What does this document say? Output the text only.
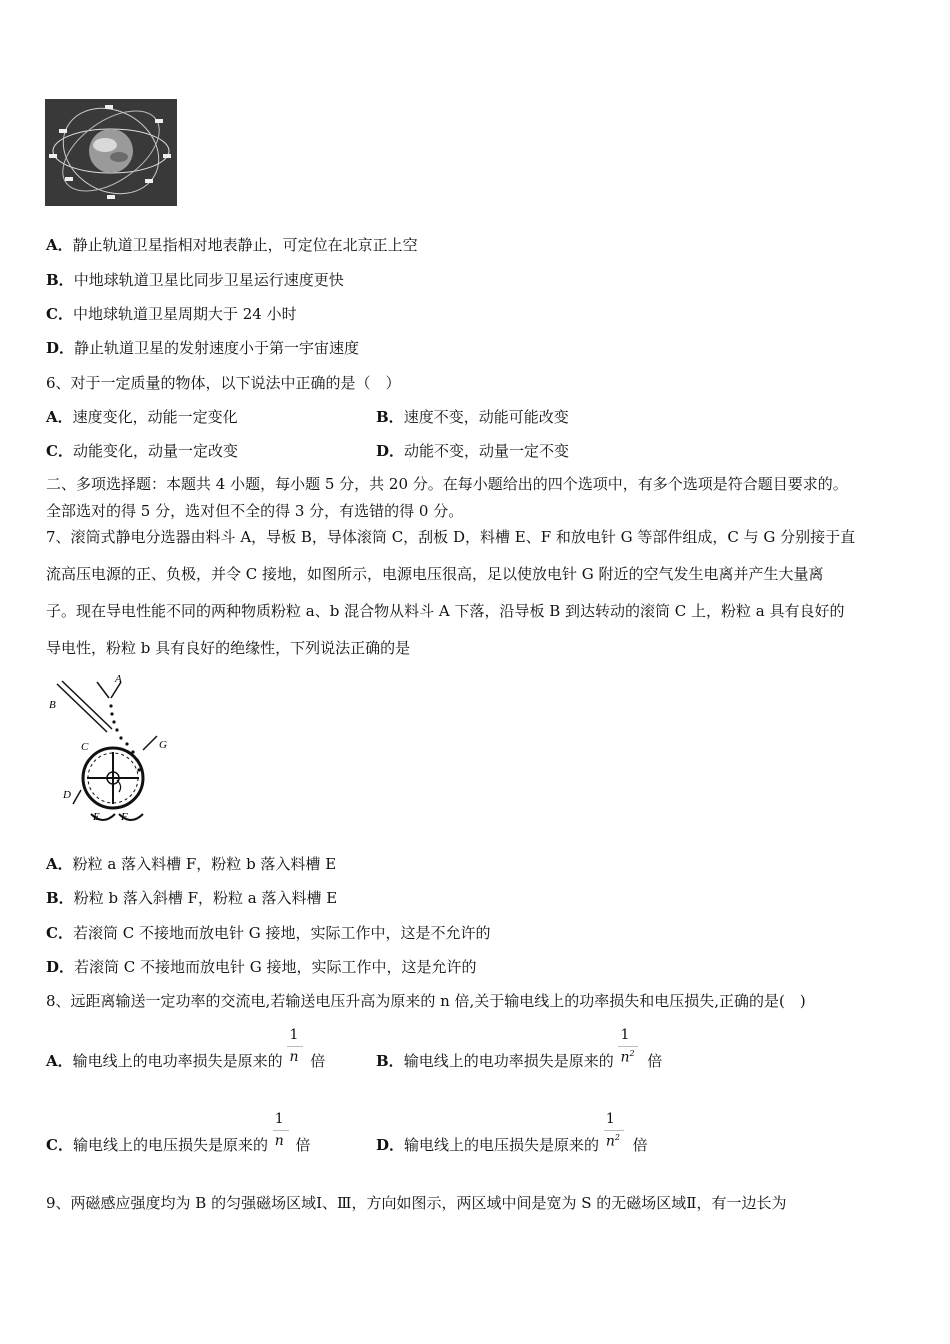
A．静止轨道卫星指相对地表静止，可定位在北京正上空
B．中地球轨道卫星比同步卫星运行速度更快
C．中地球轨道卫星周期大于 24 小时
D．静止轨道卫星的发射速度小于第一宇宙速度
6、对于一定质量的物体，以下说法中正确的是（　）
A．速度变化，动能一定变化	B．速度不变，动能可能改变
C．动能变化，动量一定改变	D．动能不变，动量一定不变
二、多项选择题：本题共 4 小题，每小题 5 分，共 20 分。在每小题给出的四个选项中，有多个选项是符合题目要求的。
全部选对的得 5 分，选对但不全的得 3 分，有选错的得 0 分。
7、滚筒式静电分选器由料斗 A，导板 B，导体滚筒 C，刮板 D，料槽 E、F 和放电针 G 等部件组成，C 与 G 分别接于直
流高压电源的正、负极，并令 C 接地，如图所示，电源电压很高，足以使放电针 G 附近的空气发生电离并产生大量离
子。现在导电性能不同的两种物质粉粒 a、b 混合物从料斗 A 下落，沿导板 B 到达转动的滚筒 C 上，粉粒 a 具有良好的
导电性，粉粒 b 具有良好的绝缘性，下列说法正确的是
A
B
C	G
D
E F
A．粉粒 a 落入料槽 F，粉粒 b 落入料槽 E
B．粉粒 b 落入斜槽 F，粉粒 a 落入料槽 E
C．若滚筒 C 不接地而放电针 G 接地，实际工作中，这是不允许的
D．若滚筒 C 不接地而放电针 G 接地，实际工作中，这是允许的
8、远距离输送一定功率的交流电,若输送电压升高为原来的 n 倍,关于输电线上的功率损失和电压损失,正确的是(　)
A．输电线上的电功率损失是原来的 $\frac{1}{n}$ 倍	B．输电线上的电功率损失是原来的 $\frac{1}{n^2}$ 倍
C．输电线上的电压损失是原来的 $\frac{1}{n}$ 倍	D．输电线上的电压损失是原来的 $\frac{1}{n^2}$ 倍
9、两磁感应强度均为 B 的匀强磁场区域Ⅰ、Ⅲ，方向如图示，两区域中间是宽为 S 的无磁场区域Ⅱ，有一边长为
